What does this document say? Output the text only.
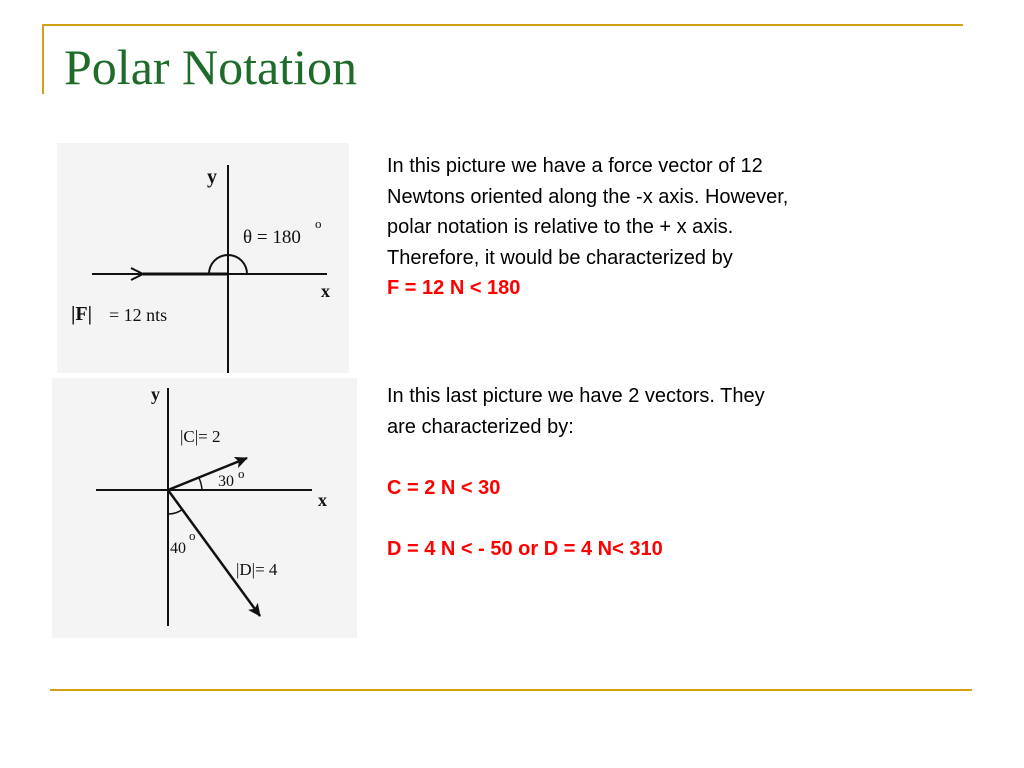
Polar Notation
y
x
θ = 180
o
|F| = 12 nts
y
x
|C|= 2
30 o
40
o
|D|= 4

In this picture we have a force vector of 12

Newtons oriented along the -x axis. However,

polar notation is relative to the + x axis.

Therefore, it would be characterized by

F = 12 N < 180

In this last picture we have 2 vectors. They

are characterized by:

C = 2 N < 30

D = 4 N < - 50 or D = 4 N< 310
